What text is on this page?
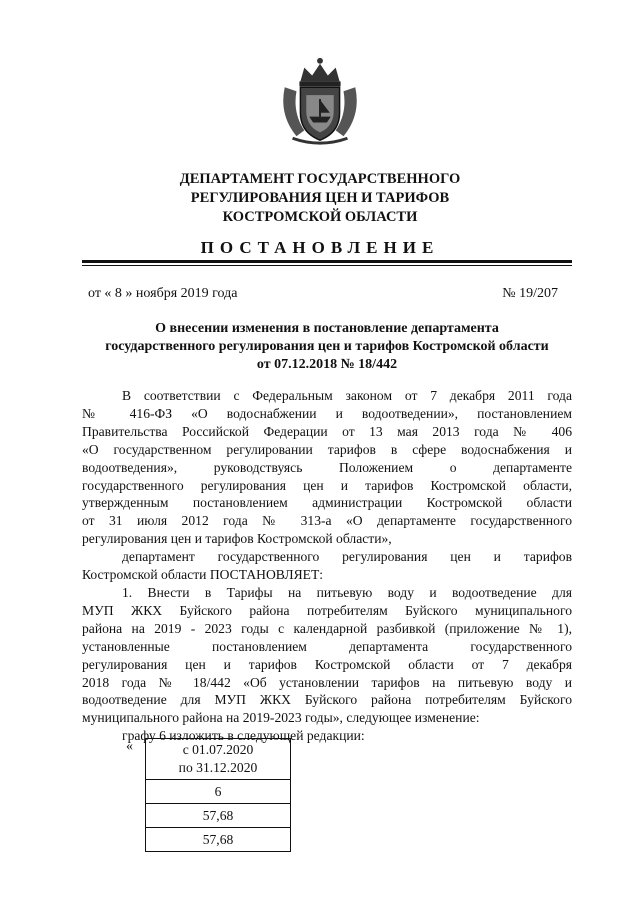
ДЕПАРТАМЕНТ ГОСУДАРСТВЕННОГО
РЕГУЛИРОВАНИЯ ЦЕН И ТАРИФОВ
КОСТРОМСКОЙ ОБЛАСТИ
ПОСТАНОВЛЕНИЕ
от « 8 » ноября 2019 года	№ 19/207
О внесении изменения в постановление департамента
государственного регулирования цен и тарифов Костромской области
от 07.12.2018 № 18/442

В соответствии с Федеральным законом от 7 декабря 2011 года

№ 416-ФЗ «О водоснабжении и водоотведении», постановлением

Правительства Российской Федерации от 13 мая 2013 года № 406

«О государственном регулировании тарифов в сфере водоснабжения и

водоотведения», руководствуясь Положением о департаменте

государственного регулирования цен и тарифов Костромской области,

утвержденным постановлением администрации Костромской области

от 31 июля 2012 года № 313-а «О департаменте государственного

регулирования цен и тарифов Костромской области»,

департамент государственного регулирования цен и тарифов

Костромской области ПОСТАНОВЛЯЕТ:

1. Внести в Тарифы на питьевую воду и водоотведение для

МУП ЖКХ Буйского района потребителям Буйского муниципального

района на 2019 - 2023 годы с календарной разбивкой (приложение № 1),

установленные постановлением департамента государственного

регулирования цен и тарифов Костромской области от 7 декабря

2018 года № 18/442 «Об установлении тарифов на питьевую воду и

водоотведение для МУП ЖКХ Буйского района потребителям Буйского

муниципального района на 2019-2023 годы», следующее изменение:

графу 6 изложить в следующей редакции:

«	с 01.07.2020
по 31.12.2020

6
57,68
57,68
